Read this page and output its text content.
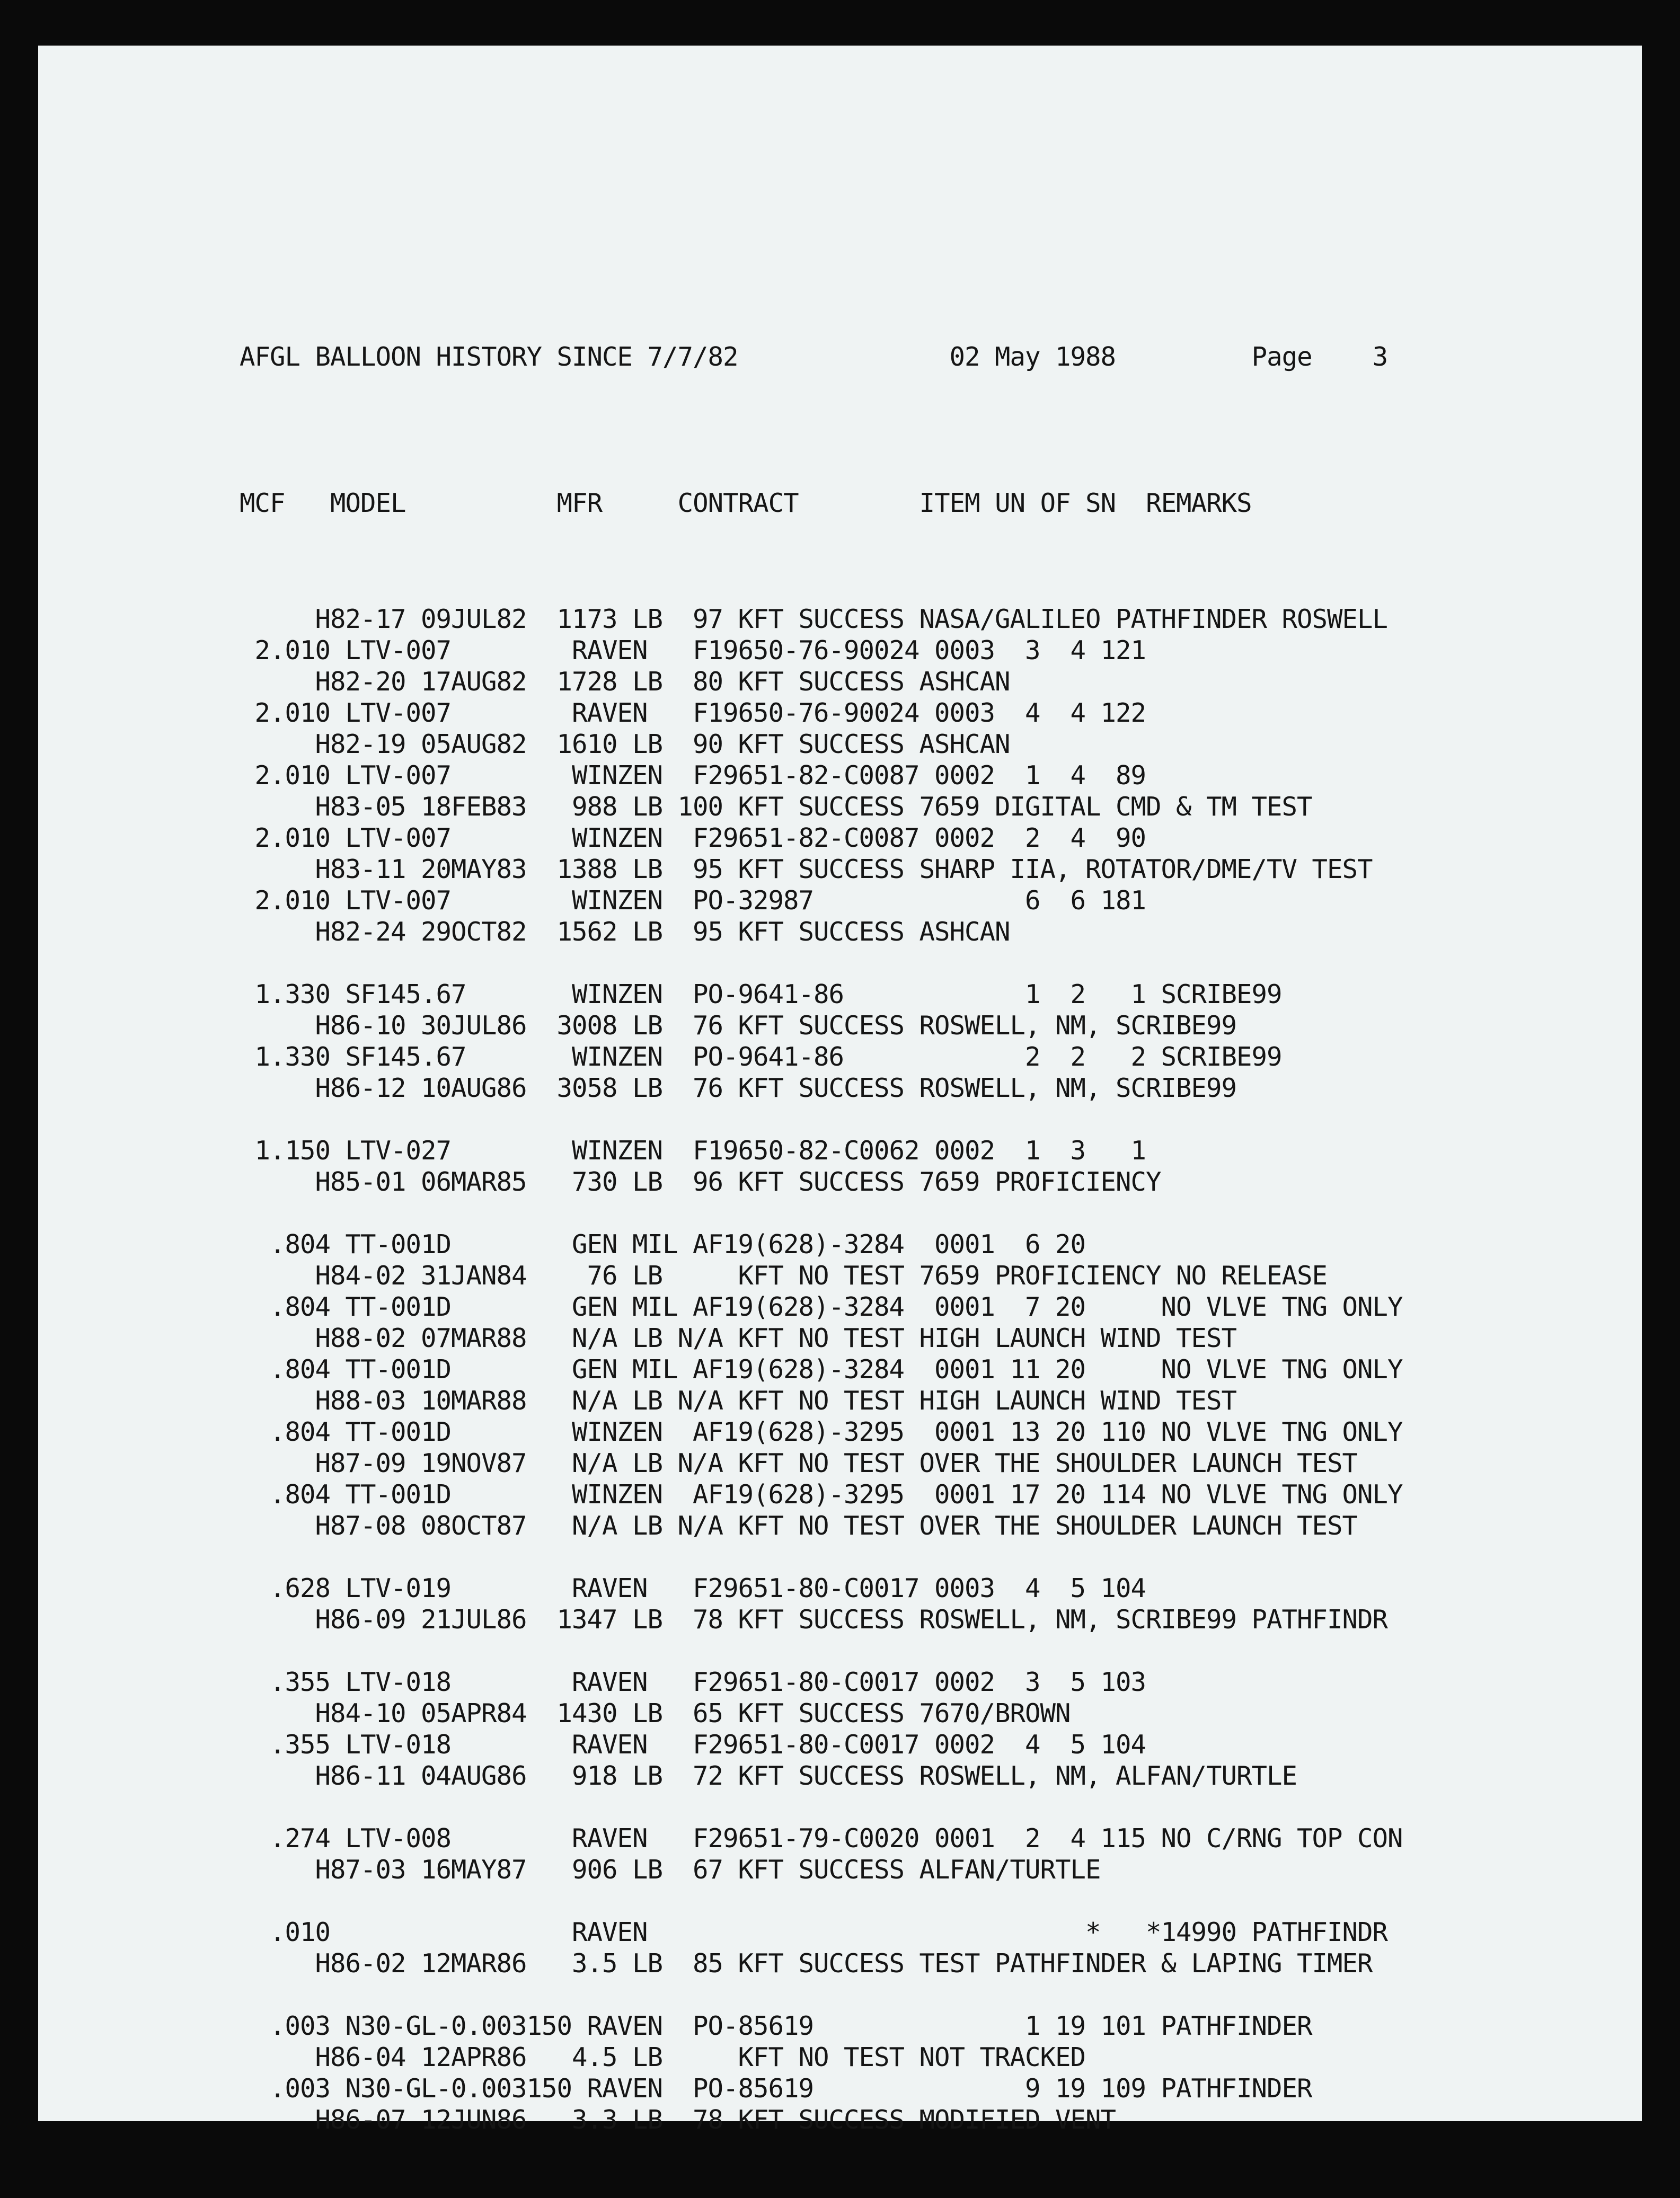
AFGL BALLOON HISTORY SINCE 7/7/82	02 May 1988	Page 3

MCF MODEL	MFR	CONTRACT	ITEM UN OF SN REMARKS

H82-17 09JUL82  1173 LB  97 KFT SUCCESS NASA/GALILEO PATHFINDER ROSWELL
2.010 LTV-007        RAVEN   F19650-76-90024 0003  3  4 121
H82-20 17AUG82  1728 LB  80 KFT SUCCESS ASHCAN
2.010 LTV-007        RAVEN   F19650-76-90024 0003  4  4 122
H82-19 05AUG82  1610 LB  90 KFT SUCCESS ASHCAN
2.010 LTV-007        WINZEN  F29651-82-C0087 0002  1  4  89
H83-05 18FEB83   988 LB 100 KFT SUCCESS 7659 DIGITAL CMD & TM TEST
2.010 LTV-007        WINZEN  F29651-82-C0087 0002  2  4  90
H83-11 20MAY83  1388 LB  95 KFT SUCCESS SHARP IIA, ROTATOR/DME/TV TEST
2.010 LTV-007        WINZEN  PO-32987              6  6 181
H82-24 29OCT82  1562 LB  95 KFT SUCCESS ASHCAN
1.330 SF145.67       WINZEN  PO-9641-86            1  2   1 SCRIBE99
H86-10 30JUL86  3008 LB  76 KFT SUCCESS ROSWELL, NM, SCRIBE99
1.330 SF145.67       WINZEN  PO-9641-86            2  2   2 SCRIBE99
H86-12 10AUG86  3058 LB  76 KFT SUCCESS ROSWELL, NM, SCRIBE99
1.150 LTV-027        WINZEN  F19650-82-C0062 0002  1  3   1
H85-01 06MAR85   730 LB  96 KFT SUCCESS 7659 PROFICIENCY
.804 TT-001D        GEN MIL AF19(628)-3284  0001  6 20
H84-02 31JAN84    76 LB     KFT NO TEST 7659 PROFICIENCY NO RELEASE
.804 TT-001D        GEN MIL AF19(628)-3284  0001  7 20     NO VLVE TNG ONLY
H88-02 07MAR88   N/A LB N/A KFT NO TEST HIGH LAUNCH WIND TEST
.804 TT-001D        GEN MIL AF19(628)-3284  0001 11 20     NO VLVE TNG ONLY
H88-03 10MAR88   N/A LB N/A KFT NO TEST HIGH LAUNCH WIND TEST
.804 TT-001D        WINZEN  AF19(628)-3295  0001 13 20 110 NO VLVE TNG ONLY
H87-09 19NOV87   N/A LB N/A KFT NO TEST OVER THE SHOULDER LAUNCH TEST
.804 TT-001D        WINZEN  AF19(628)-3295  0001 17 20 114 NO VLVE TNG ONLY
H87-08 08OCT87   N/A LB N/A KFT NO TEST OVER THE SHOULDER LAUNCH TEST
.628 LTV-019        RAVEN   F29651-80-C0017 0003  4  5 104
H86-09 21JUL86  1347 LB  78 KFT SUCCESS ROSWELL, NM, SCRIBE99 PATHFINDR
.355 LTV-018        RAVEN   F29651-80-C0017 0002  3  5 103
H84-10 05APR84  1430 LB  65 KFT SUCCESS 7670/BROWN
.355 LTV-018        RAVEN   F29651-80-C0017 0002  4  5 104
H86-11 04AUG86   918 LB  72 KFT SUCCESS ROSWELL, NM, ALFAN/TURTLE
.274 LTV-008        RAVEN   F29651-79-C0020 0001  2  4 115 NO C/RNG TOP CON
H87-03 16MAY87   906 LB  67 KFT SUCCESS ALFAN/TURTLE
.010                RAVEN                             *   *14990 PATHFINDR
H86-02 12MAR86   3.5 LB  85 KFT SUCCESS TEST PATHFINDER & LAPING TIMER
.003 N30-GL-0.003150 RAVEN  PO-85619              1 19 101 PATHFINDER
H86-04 12APR86   4.5 LB     KFT NO TEST NOT TRACKED
.003 N30-GL-0.003150 RAVEN  PO-85619              9 19 109 PATHFINDER
H86-07 12JUN86   3.3 LB  78 KFT SUCCESS MODIFIED VENT
